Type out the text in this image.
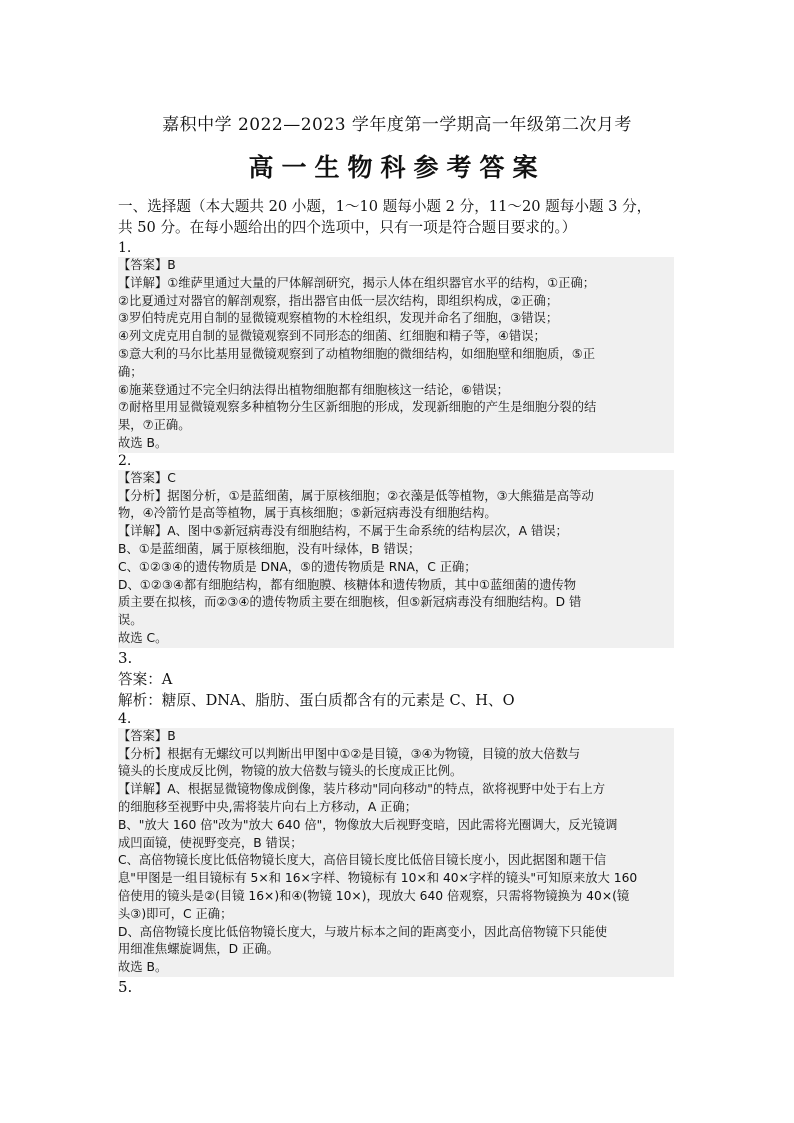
嘉积中学 2022—2023 学年度第一学期高一年级第二次月考
高一生物科参考答案
一、选择题（本大题共 20 小题，1～10 题每小题 2 分，11～20 题每小题 3 分，
共 50 分。在每小题给出的四个选项中，只有一项是符合题目要求的。）
1.
【答案】B
【详解】①维萨里通过大量的尸体解剖研究，揭示人体在组织器官水平的结构，①正确；
②比夏通过对器官的解剖观察，指出器官由低一层次结构，即组织构成，②正确；
③罗伯特虎克用自制的显微镜观察植物的木栓组织，发现并命名了细胞，③错误；
④列文虎克用自制的显微镜观察到不同形态的细菌、红细胞和精子等，④错误；
⑤意大利的马尔比基用显微镜观察到了动植物细胞的微细结构，如细胞壁和细胞质，⑤正
确；
⑥施莱登通过不完全归纳法得出植物细胞都有细胞核这一结论，⑥错误；
⑦耐格里用显微镜观察多种植物分生区新细胞的形成，发现新细胞的产生是细胞分裂的结
果，⑦正确。
故选 B。
2.
【答案】C
【分析】据图分析，①是蓝细菌，属于原核细胞；②衣藻是低等植物，③大熊猫是高等动
物，④冷箭竹是高等植物，属于真核细胞；⑤新冠病毒没有细胞结构。
【详解】A、图中⑤新冠病毒没有细胞结构，不属于生命系统的结构层次，A 错误；
B、①是蓝细菌，属于原核细胞，没有叶绿体，B 错误；
C、①②③④的遗传物质是 DNA，⑤的遗传物质是 RNA，C 正确；
D、①②③④都有细胞结构，都有细胞膜、核糖体和遗传物质，其中①蓝细菌的遗传物
质主要在拟核，而②③④的遗传物质主要在细胞核，但⑤新冠病毒没有细胞结构。D 错
误。
故选 C。
3.
答案：A
解析：糖原、DNA、脂肪、蛋白质都含有的元素是 C、H、O
4.
【答案】B
【分析】根据有无螺纹可以判断出甲图中①②是目镜，③④为物镜，目镜的放大倍数与
镜头的长度成反比例，物镜的放大倍数与镜头的长度成正比例。
【详解】A、根据显微镜物像成倒像，装片移动"同向移动"的特点，欲将视野中处于右上方
的细胞移至视野中央,需将装片向右上方移动，A 正确；
B、"放大 160 倍"改为"放大 640 倍"，物像放大后视野变暗，因此需将光圈调大，反光镜调
成凹面镜，使视野变亮，B 错误；
C、高倍物镜长度比低倍物镜长度大，高倍目镜长度比低倍目镜长度小，因此据图和题干信
息"甲图是一组目镜标有 5×和 16×字样、物镜标有 10×和 40×字样的镜头"可知原来放大 160
倍使用的镜头是②(目镜 16×)和④(物镜 10×)，现放大 640 倍观察，只需将物镜换为 40×(镜
头③)即可，C 正确；
D、高倍物镜长度比低倍物镜长度大，与玻片标本之间的距离变小，因此高倍物镜下只能使
用细准焦螺旋调焦，D 正确。
故选 B。
5.
